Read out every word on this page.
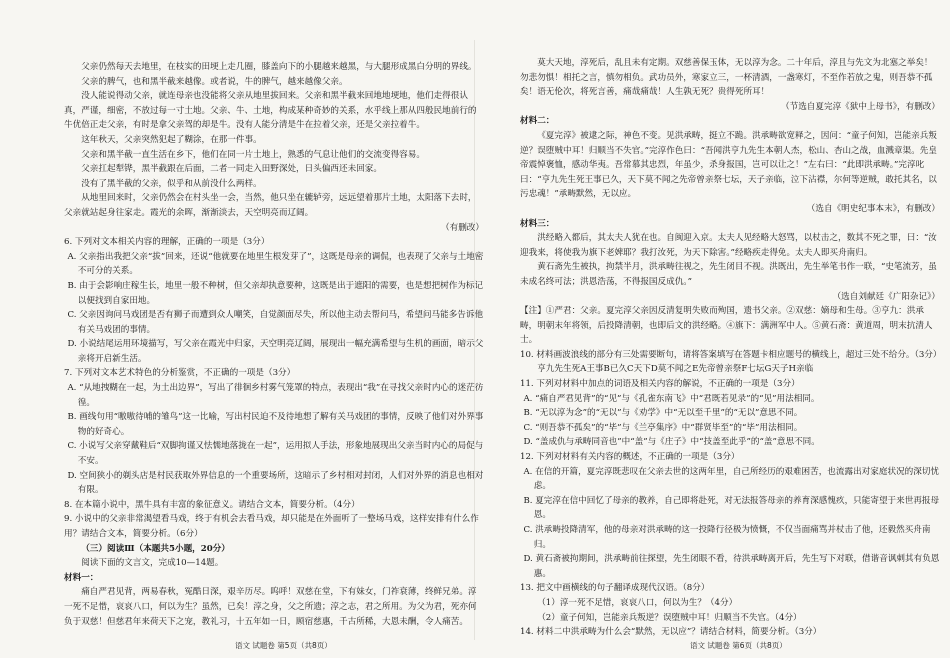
父亲仍然每天去地里，在枝实的田埂上走几圈，膝盖向下的小腿越来越黑，与大腿形成黑白分明的界线。

父亲的脾气，也和黑半截来越像。或者说，牛的脾气，越来越像父亲。

没人能说得动父亲，就连母亲也没能将父亲从地里拔回来。父亲和黑半截来回地地埂地，他们走得很认真，严谨，细密，不放过每一寸土地。父亲、牛、土地，构成某种奇妙的关系，水乎线上那从四般民地前行的牛优倍正走父亲，有时是拿父亲驾的却是牛。没有人能分清是牛在拉着父亲，还是父亲拉着牛。

这年秋天，父亲突然犯起了糊涂，在那一件事。

父亲和黑半截一直生活在乡下，他们在同一片土地上，熟悉的气息让他们的交流变得容易。

父亲扛起犁铧，黑半截跟在后面，二者一同走入田野深处，日头偏西还未回家。

没有了黑半截的父亲，似乎和从前没什么两样。

从地里回来时，父亲仍然会在村头坐一会，当然，他只坐在辘轳旁，远远望着那片土地，太阳落下去时，父亲就站起身往家走。霞光的余晖，渐渐淡去，天空明亮而辽阔。

（有删改）

6. 下列对文本相关内容的理解，正确的一项是（3分）

A. 父亲指出我把父亲“拔”回来，还说“他就要在地里生根发芽了”，这既是母亲的调侃，也表现了父亲与土地密不可分的关系。

B. 由于会影响庄稼生长，地里一般不种树，但父亲却执意要种，这既是出于遮阳的需要，也是想把树作为标记以便找到自家田地。

C. 父亲因询问马戏团是否有狮子而遭到众人嘲笑，自觉颜面尽失，所以他主动去帮问马，希望问马能多告诉他有关马戏团的事情。

D. 小说结尾运用环境描写，写父亲在霞光中归家，天空明亮辽阔，展现出一幅充满希望与生机的画面，暗示父亲将开启新生活。

7. 下列对文本艺术特色的分析鉴赏，不正确的一项是（3分）

A. “从地拽糊在一起，为土出边界”，写出了徘徊乡村雾气笼罩的特点，表现出“我”在寻找父亲时内心的迷茫彷徨。

B. 画线句用“嗷嗷待哺的雏鸟”这一比喻，写出村民迫不及待地想了解有关马戏团的事情，反映了他们对外界事物的好奇心。

C. 小说写父亲穿戴鞋后“双脚拘谨又怯懦地落拢在一起”，运用拟人手法，形象地展现出父亲当时内心的局促与不安。

D. 空间狭小的剃头店是村民获取外界信息的一个重要场所，这暗示了乡村相对封闭，人们对外界的消息也相对有限。

8. 在本篇小说中，黑牛具有丰富的象征意义。请结合文本，简要分析。（4分）

9. 小说中的父亲非常渴望看马戏，终于有机会去看马戏，却只能是在外面听了一整场马戏，这样安排有什么作用？请结合文本，简要分析。（6分）

（三）阅读Ⅲ（本题共5小题，20分）

阅读下面的文言文，完成10—14题。

材料一：

痛自严君见背，两易春秋，冤酷日深，艰辛历尽。呜呼！双慈在堂，下有妹女，门祚衰薄，终鲜兄弟。淳一死不足惜，哀哀八口，何以为生？虽然，已矣！淳之身，父之所遗；淳之志，君之所用。为父为君，死亦何负于双慈！但慈君年来荷天下之宠，教礼习，十五年如一日，顾宿慈惠，千古所稀，大恩未酬，令人痛苦。

莫大天地，淳死后，乱且未有定期。双慈善保玉体，无以淳为念。二十年后，淳且与先文为北塞之举矣！勿悲勿惧！相托之言，慎勿相负。武功员外，寒家立三，一杯清酒，一盏寒灯，不至作若放之鬼，则吾恭不孤矣！语无伦次，将死言善，痛哉痛哉！人生孰无死？贵得死所耳！

（节选自夏完淳《狱中上母书》，有删改）

材料二：

《夏完淳》被逮之际，神色不变。见洪承畴，挺立不跪。洪承畴欲宽释之，因问：“童子何知，岂能亲兵叛逆？误堕贼中耳！归顺当不失官。”完淳作色曰：“吾闻洪亨九先生本朝人杰，松山、杏山之战，血溅章渠。先皇帝震悼褒恤，感动华夷。吾常慕其忠烈，年虽少，杀身报国，岂可以让之！”左右曰：“此即洪承畴。”完淳叱曰：“亨九先生死王事已久，天下莫不闻之先帝曾亲祭七坛，天子亲临，泣下沾襟，尔何等逆贼，敢托其名，以污忠魂！”承畴默然，无以应。

（选自《明史纪事本末》，有删改）

材料三：

洪经略入都后，其太夫人犹在也。自闽迎入京。太夫人见经略大怒骂，以杖击之，数其不死之罪，曰：“汝迎我来，将使我为旗下老婢耶？我打汝死，为天下除害。”经略疾走得免。太夫人即买舟南归。

黄石斋先生被执，拘禁半月，洪承畴往视之，先生闭目不视。洪既出，先生举笔书作一联，“史笔流芳，虽未成名终可法；洪恩浩荡，不得报国反成仇。”

（选自刘献廷《广阳杂记》）

【注】①严君：父亲。夏完淳父亲因反清复明失败而殉国，遗书父亲。②双慈：嫡母和生母。③亨九：洪承畴，明朝末年将领，后投降清朝，也即后文的洪经略。④旗下：满洲军中人。⑤黄石斋：黄道周，明末抗清人士。

10. 材料画波浪线的部分有三处需要断句，请将答案填写在答题卡相应题号的横线上，超过三处不给分。（3分）

亨九先生死A王事B已久C天下D莫不闻之E先帝曾亲祭F七坛G天子H亲临

11. 下列对材料中加点的词语及相关内容的解说，不正确的一项是（3分）

A. “痛自严君见背”的“见”与《孔雀东南飞》中“君既若见录”的“见”用法相同。

B. “无以淳为念”的“无以”与《劝学》中“无以至千里”的“无以”意思不同。

C. “则吾恭不孤矣”的“毕”与《兰亭集序》中“群贤毕至”的“毕”用法相同。

D. “盖成仇与承畴同音也”中“盖”与《庄子》中“技盖至此乎”的“盖”意思不同。

12. 下列对材料有关内容的概述，不正确的一项是（3分）

A. 在信的开篇，夏完淳既悲叹在父亲去世的这两年里，自己所经历的艰难困苦，也流露出对家庭状况的深切忧虑。

B. 夏完淳在信中回忆了母亲的教养，自己即将赴死，对无法报答母亲的养育深感愧疚，只能寄望于来世再报母恩。

C. 洪承畴投降清军，他的母亲对洪承畴的这一投降行径极为愤慨，不仅当面痛骂并杖击了他，还毅然买舟南归。

D. 黄石斋被拘期间，洪承畴前往探望，先生闭眼不看，待洪承畴离开后，先生写下对联，借谐音讽刺其有负恩惠。

13. 把文中画横线的句子翻译成现代汉语。（8分）

（1）淳一死不足惜，哀哀八口，何以为生？（4分）

（2）童子何知，岂能亲兵叛逆？误堕贼中耳！归顺当不失官。（4分）

14. 材料二中洪承畴为什么会“默然，无以应”？请结合材料，简要分析。（3分）

语文 试题卷 第5页（共8页）	语文 试题卷 第6页（共8页）
